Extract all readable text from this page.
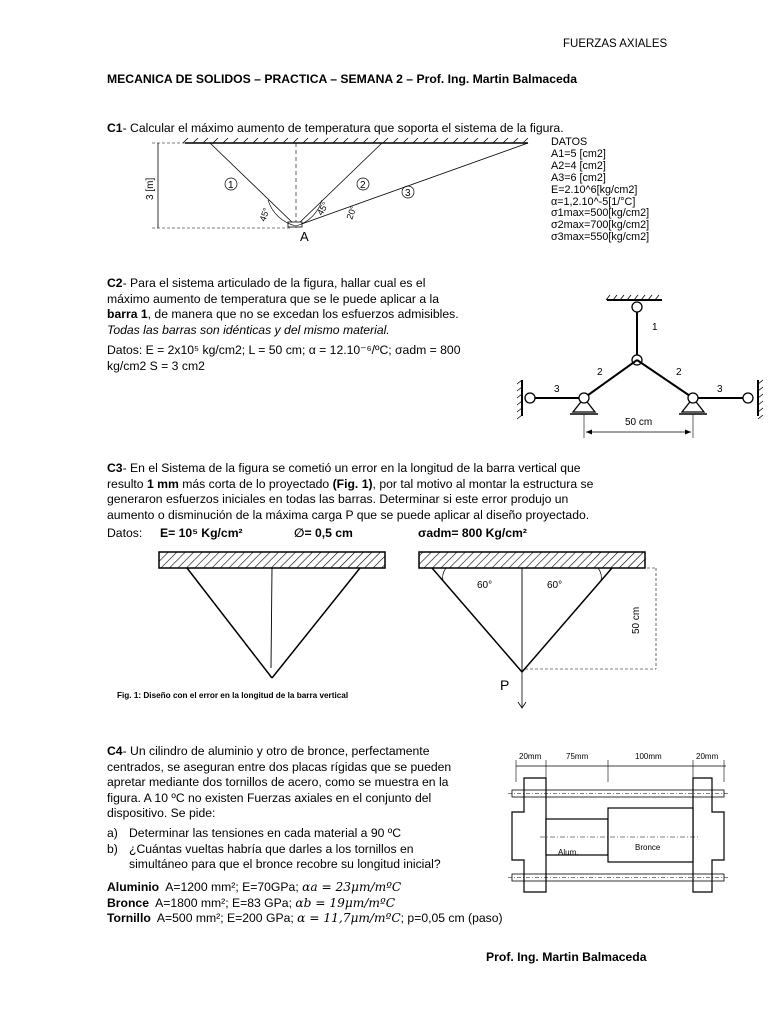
FUERZAS AXIALES
MECANICA DE SOLIDOS – PRACTICA – SEMANA 2 – Prof. Ing. Martin Balmaceda
C1- Calcular el máximo aumento de temperatura que soporta el sistema de la figura.
3 [m]	1	2
3
45°	45° 20°
A
DATOS
A1=5 [cm2]
A2=4 [cm2]
A3=6 [cm2]
E=2.10^6[kg/cm2]
α=1,2.10^-5[1/°C]
σ1max=500[kg/cm2]
σ2max=700[kg/cm2]
σ3max=550[kg/cm2]
C2- Para el sistema articulado de la figura, hallar cual es el
máximo aumento de temperatura que se le puede aplicar a la
barra 1, de manera que no se excedan los esfuerzos admisibles.
Todas las barras son idénticas y del mismo material.
Datos: E = 2x10⁵ kg/cm2; L = 50 cm; α = 12.10⁻⁶/ºC; σadm = 800
kg/cm2 S = 3 cm2
1
2	2
3	3
50 cm
C3- En el Sistema de la figura se cometió un error en la longitud de la barra vertical que
resulto 1 mm más corta de lo proyectado (Fig. 1), por tal motivo al montar la estructura se
generaron esfuerzos iniciales en todas las barras. Determinar si este error produjo un
aumento o disminución de la máxima carga P que se puede aplicar al diseño proyectado.
Datos: E= 10⁵ Kg/cm²	∅= 0,5 cm	σadm= 800 Kg/cm²
60°	60°
50 cm
P
Fig. 1: Diseño con el error en la longitud de la barra vertical
C4- Un cilindro de aluminio y otro de bronce, perfectamente
centrados, se aseguran entre dos placas rígidas que se pueden
apretar mediante dos tornillos de acero, como se muestra en la
figura. A 10 ºC no existen Fuerzas axiales en el conjunto del
dispositivo. Se pide:
a) Determinar las tensiones en cada material a 90 ºC
b) ¿Cuántas vueltas habría que darles a los tornillos en
simultáneo para que el bronce recobre su longitud inicial?
Aluminio A=1200 mm²; E=70GPa; αa = 23μm/mºC
Bronce A=1800 mm²; E=83 GPa; αb = 19μm/mºC
Tornillo A=500 mm²; E=200 GPa; α = 11,7μm/mºC; p=0,05 cm (paso)
20mm	75mm	100mm	20mm
Alum.
Bronce
Prof. Ing. Martin Balmaceda
